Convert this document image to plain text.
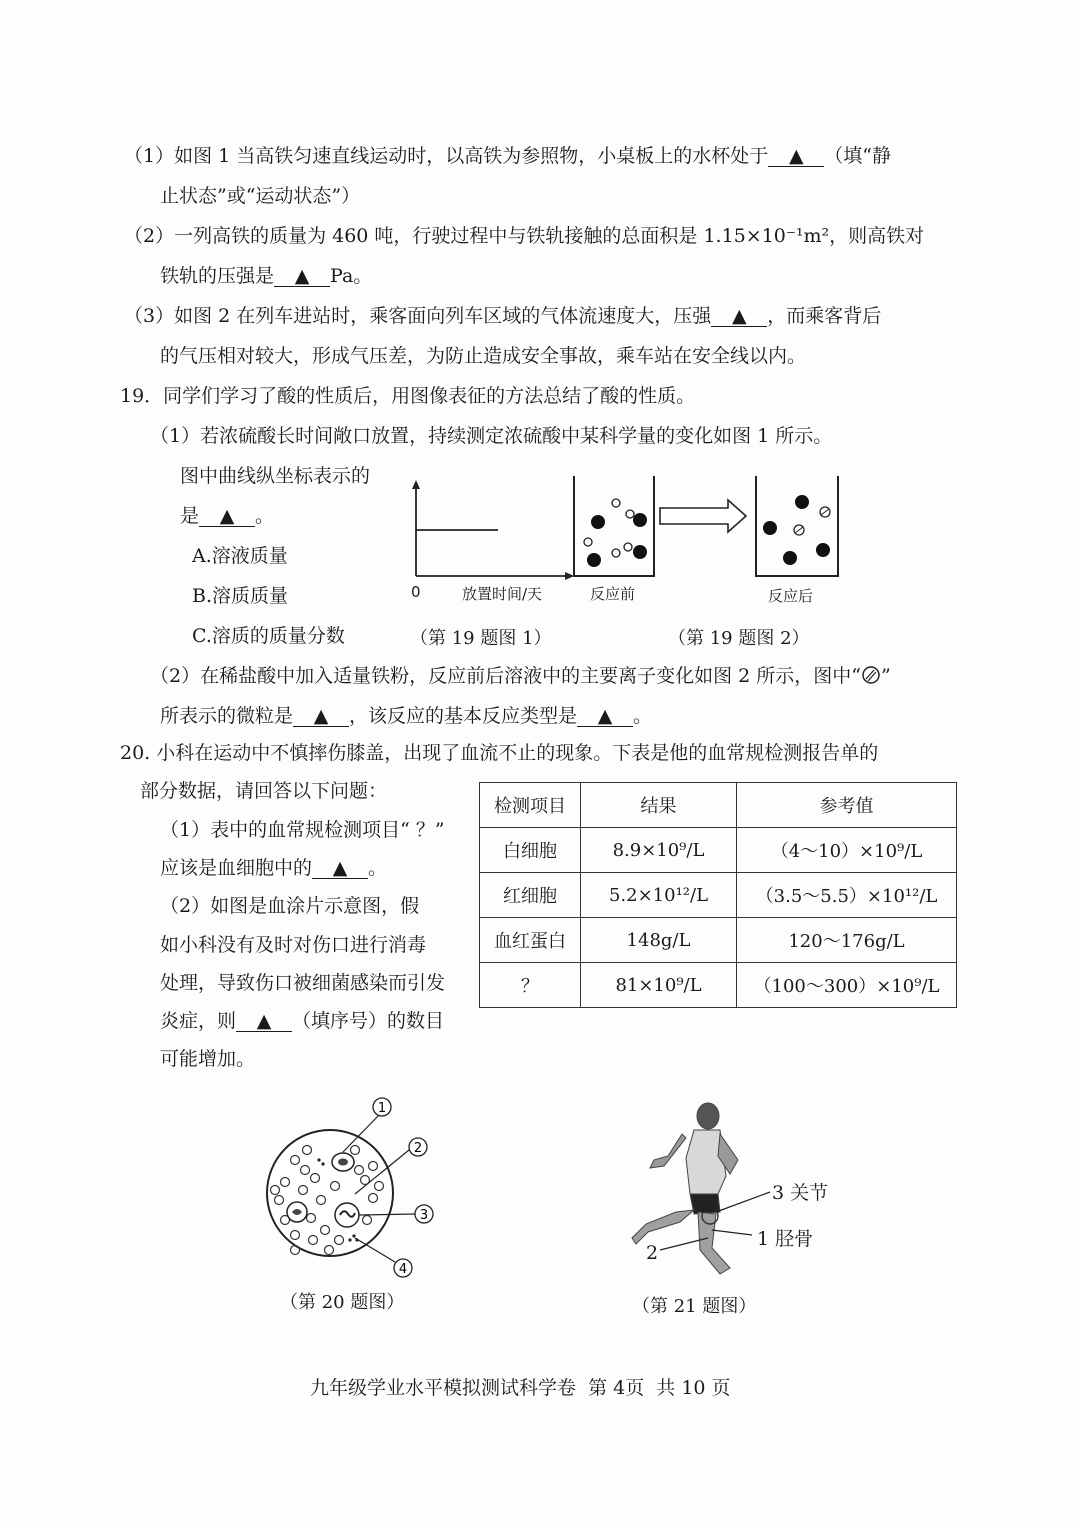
（1）如图 1 当高铁匀速直线运动时，以高铁为参照物，小桌板上的水杯处于 ▲ （填“静
止状态”或“运动状态”）
（2）一列高铁的质量为 460 吨，行驶过程中与铁轨接触的总面积是 1.15×10⁻¹m²，则高铁对
铁轨的压强是 ▲ Pa。
（3）如图 2 在列车进站时，乘客面向列车区域的气体流速度大，压强 ▲ ，而乘客背后
的气压相对较大，形成气压差，为防止造成安全事故，乘车站在安全线以内。
19．同学们学习了酸的性质后，用图像表征的方法总结了酸的性质。
（1）若浓硫酸长时间敞口放置，持续测定浓硫酸中某科学量的变化如图 1 所示。
图中曲线纵坐标表示的
是 ▲ 。
A.溶液质量
B.溶质质量
C.溶质的质量分数
0	放置时间/天
（第 19 题图 1）
反应前	反应后
（第 19 题图 2）
（2）在稀盐酸中加入适量铁粉，反应前后溶液中的主要离子变化如图 2 所示，图中“ ”
所表示的微粒是 ▲ ，该反应的基本反应类型是 ▲ 。
20. 小科在运动中不慎摔伤膝盖，出现了血流不止的现象。下表是他的血常规检测报告单的
部分数据，请回答以下问题：
（1）表中的血常规检测项目“ ？”
应该是血细胞中的 ▲ 。
（2）如图是血涂片示意图，假
如小科没有及时对伤口进行消毒
处理，导致伤口被细菌感染而引发
炎症，则 ▲ （填序号）的数目
可能增加。
检测项目	结果	参考值
白细胞	8.9×10⁹/L	（4～10）×10⁹/L
红细胞	5.2×10¹²/L	（3.5～5.5）×10¹²/L
血红蛋白	148g/L	120～176g/L
？	81×10⁹/L	（100～300）×10⁹/L
1
2
3
4
（第 20 题图）
3 关节
1 胫骨
2
（第 21 题图）
九年级学业水平模拟测试科学卷  第 4页  共 10 页
